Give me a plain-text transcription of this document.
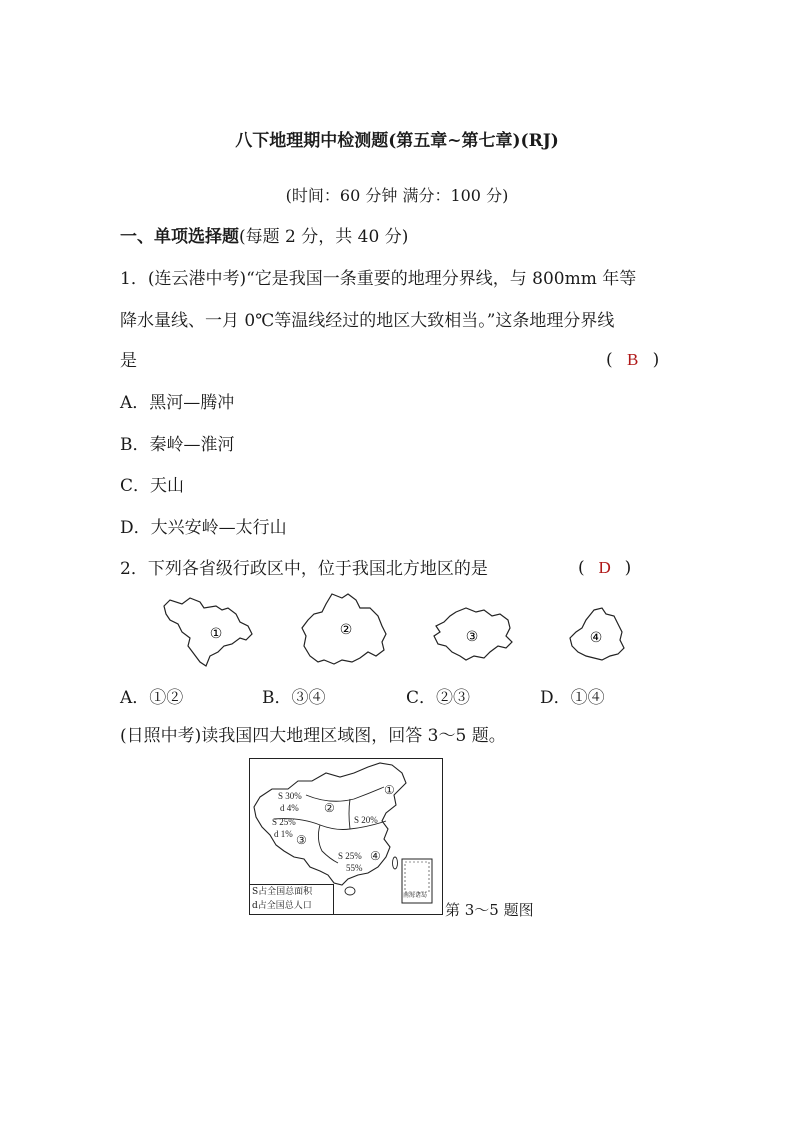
八下地理期中检测题(第五章~第七章)(RJ)
(时间：60 分钟 满分：100 分)
一、单项选择题(每题 2 分，共 40 分)
1．(连云港中考)“它是我国一条重要的地理分界线，与 800mm 年等
降水量线、一月 0℃等温线经过的地区大致相当。”这条地理分界线
是	( B )
A．黑河—腾冲
B．秦岭—淮河
C．天山
D．大兴安岭—太行山
2．下列各省级行政区中，位于我国北方地区的是	( D )
①	②	③	④
A．①②	B．③④	C．②③	D．①④
(日照中考)读我国四大地理区域图，回答 3～5 题。
S 30%
d 4%
S 25%
d 1%
S 20%
S 25%
55%
①
②
③
④
南海诸岛
S占全国总面积
d占全国总人口	第 3～5 题图
